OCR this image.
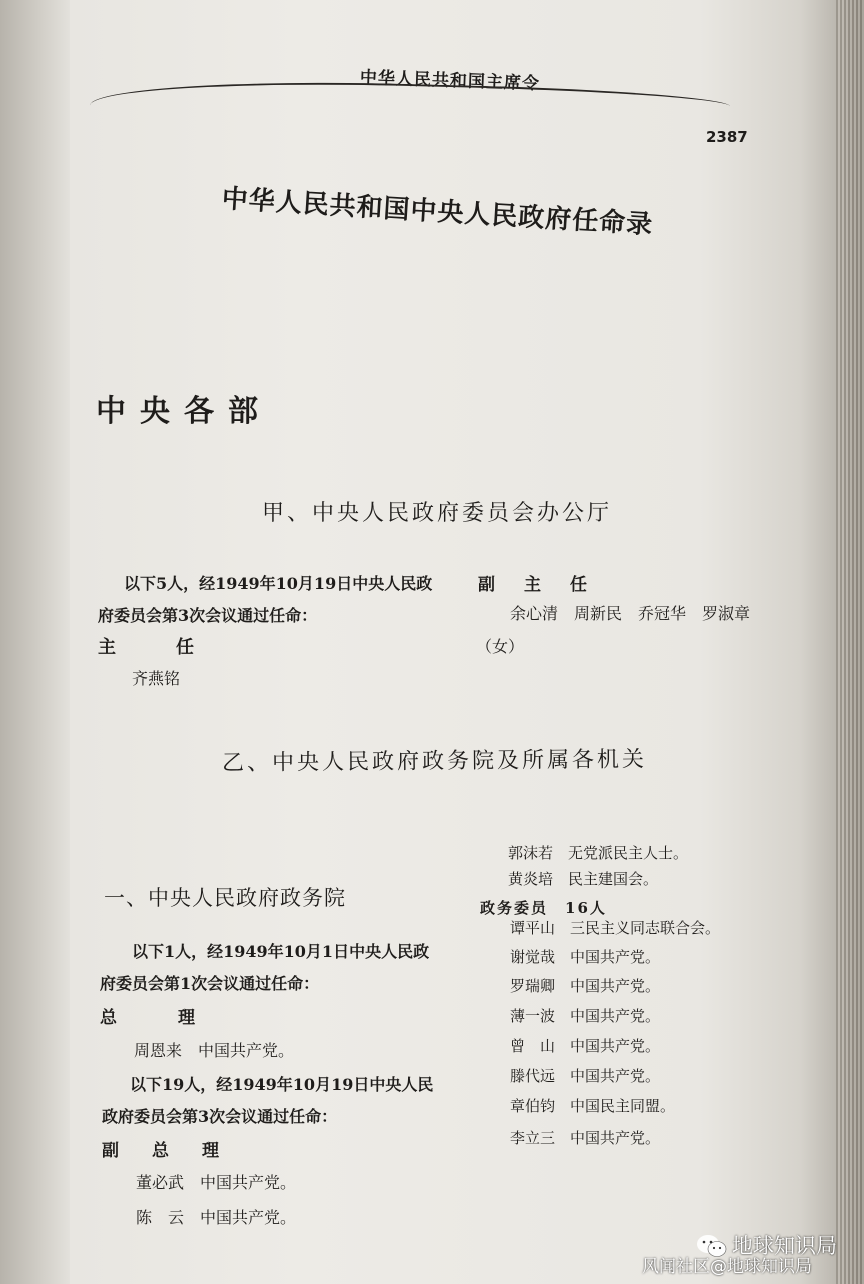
中华人民共和国主席令
2387
中华人民共和国中央人民政府任命录
中央各部
甲、中央人民政府委员会办公厅
以下5人，经1949年10月19日中央人民政
府委员会第3次会议通过任命：
主　　任
齐燕铭
副　主　任
余心清　周新民　乔冠华　罗淑章
（女）
乙、中央人民政府政务院及所属各机关
一、中央人民政府政务院
以下1人，经1949年10月1日中央人民政
府委员会第1次会议通过任命：
总　　理
周恩来　中国共产党。
以下19人，经1949年10月19日中央人民
政府委员会第3次会议通过任命：
副　总　理
董必武　中国共产党。
陈　云　中国共产党。
郭沫若　无党派民主人士。
黄炎培　民主建国会。
政务委员　16人
谭平山　三民主义同志联合会。
谢觉哉　中国共产党。
罗瑞卿　中国共产党。
薄一波　中国共产党。
曾　山　中国共产党。
滕代远　中国共产党。
章伯钧　中国民主同盟。
李立三　中国共产党。
地球知识局
风闻社区@地球知识局
